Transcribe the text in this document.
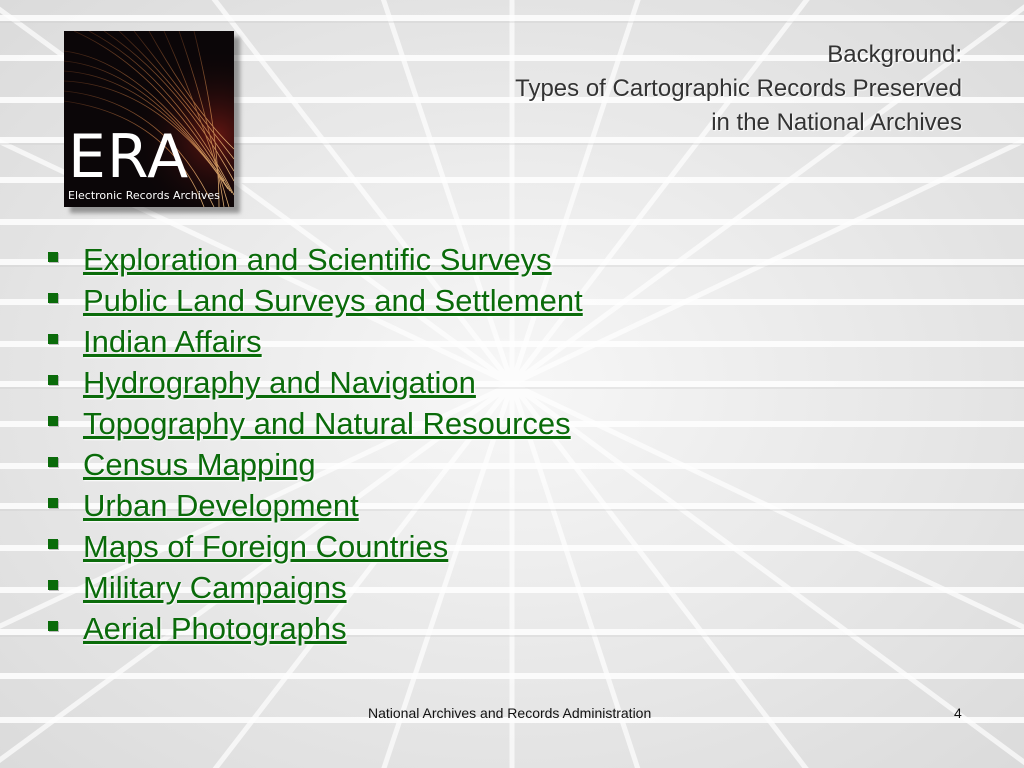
ERA
Electronic Records Archives
Background:
Types of Cartographic Records Preserved
in the National Archives
Exploration and Scientific Surveys
Public Land Surveys and Settlement
Indian Affairs
Hydrography and Navigation
Topography and Natural Resources
Census Mapping
Urban Development
Maps of Foreign Countries
Military Campaigns
Aerial Photographs
National Archives and Records Administration	4
